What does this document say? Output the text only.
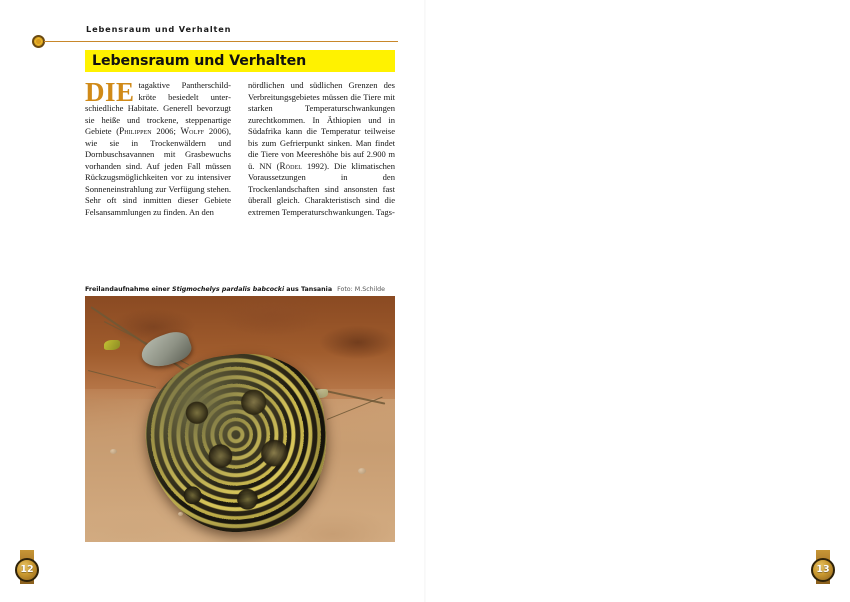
Lebensraum und Verhalten
Lebensraum und Verhalten

DIE tagaktive Pantherschildkröte besiedelt unterschiedliche Habitate. Generell bevorzugt sie heiße und trockene, steppenartige Gebiete (Philippen 2006; Wolff 2006), wie sie in Trockenwäldern und Dornbuschsavannen mit Grasbewuchs vorhanden sind. Auf jeden Fall müssen Rückzugsmöglichkeiten vor zu intensiver Sonneneinstrahlung zur Verfügung stehen. Sehr oft sind inmitten dieser Gebiete Felsansammlungen zu finden. An den

nördlichen und südlichen Grenzen des Verbreitungsgebietes müssen die Tiere mit starken Temperaturschwankungen zurechtkommen. In Äthiopien und in Südafrika kann die Temperatur teilweise bis zum Gefrierpunkt sinken. Man findet die Tiere von Meereshöhe bis auf 2.900 m ü. NN (Rödel 1992). Die klimatischen Voraussetzungen in den Trockenlandschaften sind ansonsten fast überall gleich. Charakteristisch sind die extremen Temperaturschwankungen. Tags-

Freilandaufnahme einer Stigmochelys pardalis babcocki aus Tansania Foto: M.Schilde
12	13
